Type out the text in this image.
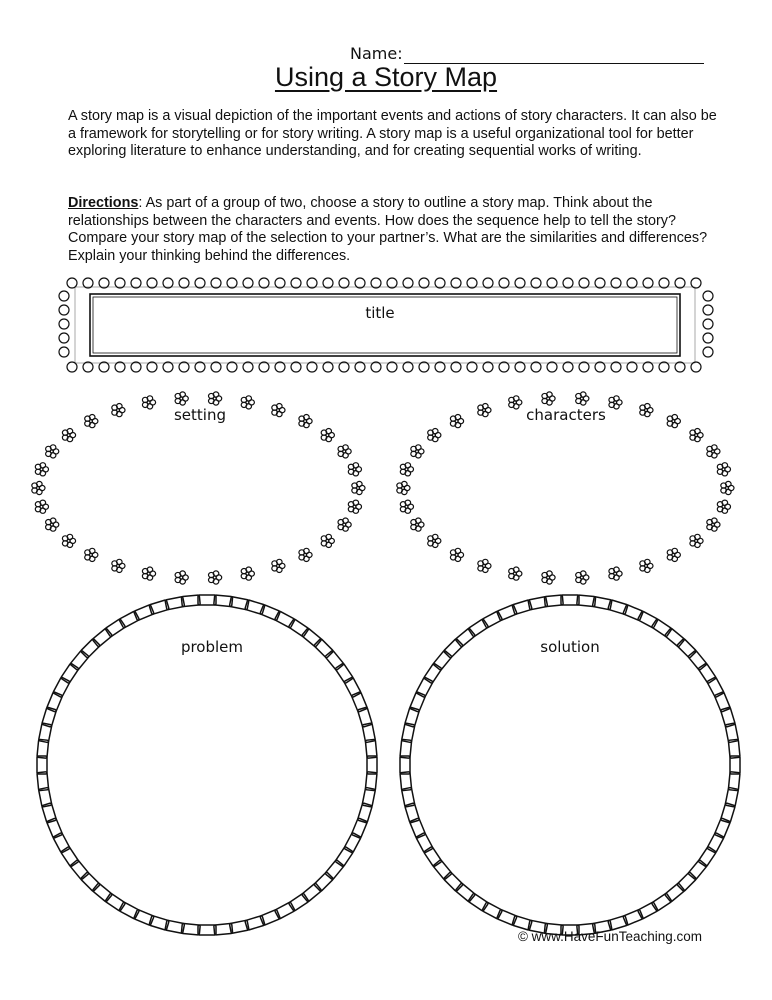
Name:
Using a Story Map
A story map is a visual depiction of the important events and actions of story characters. It can also be a framework for storytelling or for story writing. A story map is a useful organizational tool for better exploring literature to enhance understanding, and for creating sequential works of writing.
Directions: As part of a group of two, choose a story to outline a story map. Think about the relationships between the characters and events. How does the sequence help to tell the story? Compare your story map of the selection to your partner’s. What are the similarities and differences? Explain your thinking behind the differences.
title
setting	characters
problem	solution
© www.HaveFunTeaching.com
